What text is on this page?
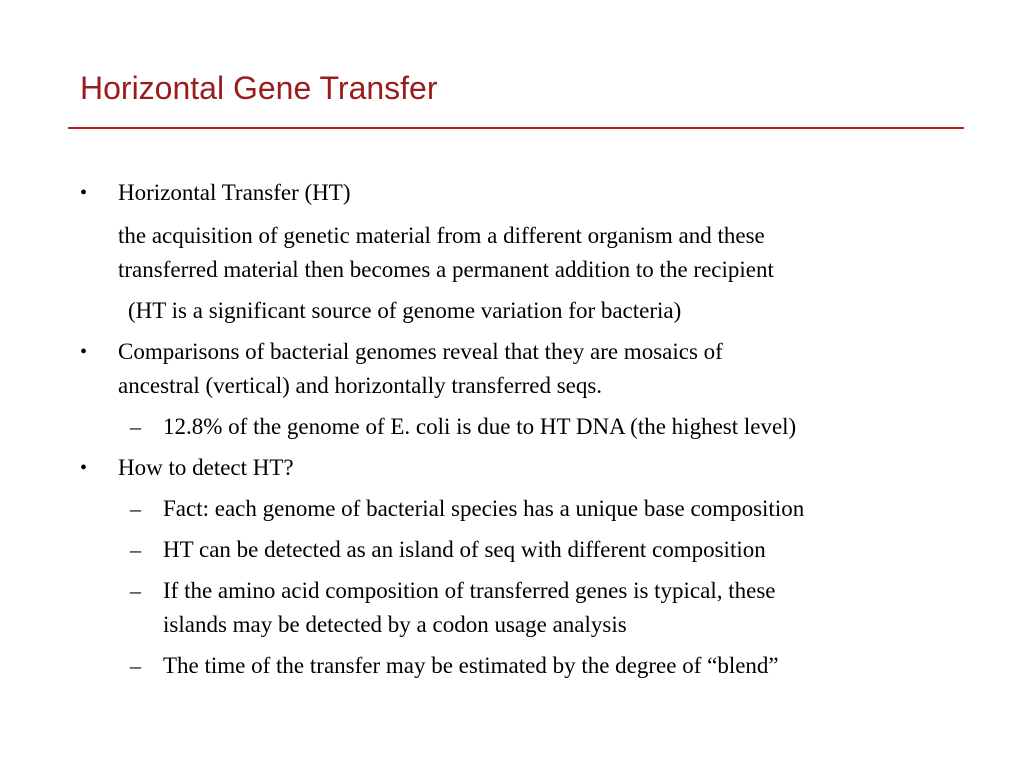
Horizontal Gene Transfer
• Horizontal Transfer (HT)
the acquisition of genetic material from a different organism and these
transferred material then becomes a permanent addition to the recipient
(HT is a significant source of genome variation for bacteria)
• Comparisons of bacterial genomes reveal that they are mosaics of
ancestral (vertical) and horizontally transferred seqs.
– 12.8% of the genome of E. coli is due to HT DNA (the highest level)
• How to detect HT?
– Fact: each genome of bacterial species has a unique base composition
– HT can be detected as an island of seq with different composition
– If the amino acid composition of transferred genes is typical, these
islands may be detected by a codon usage analysis
– The time of the transfer may be estimated by the degree of “blend”
